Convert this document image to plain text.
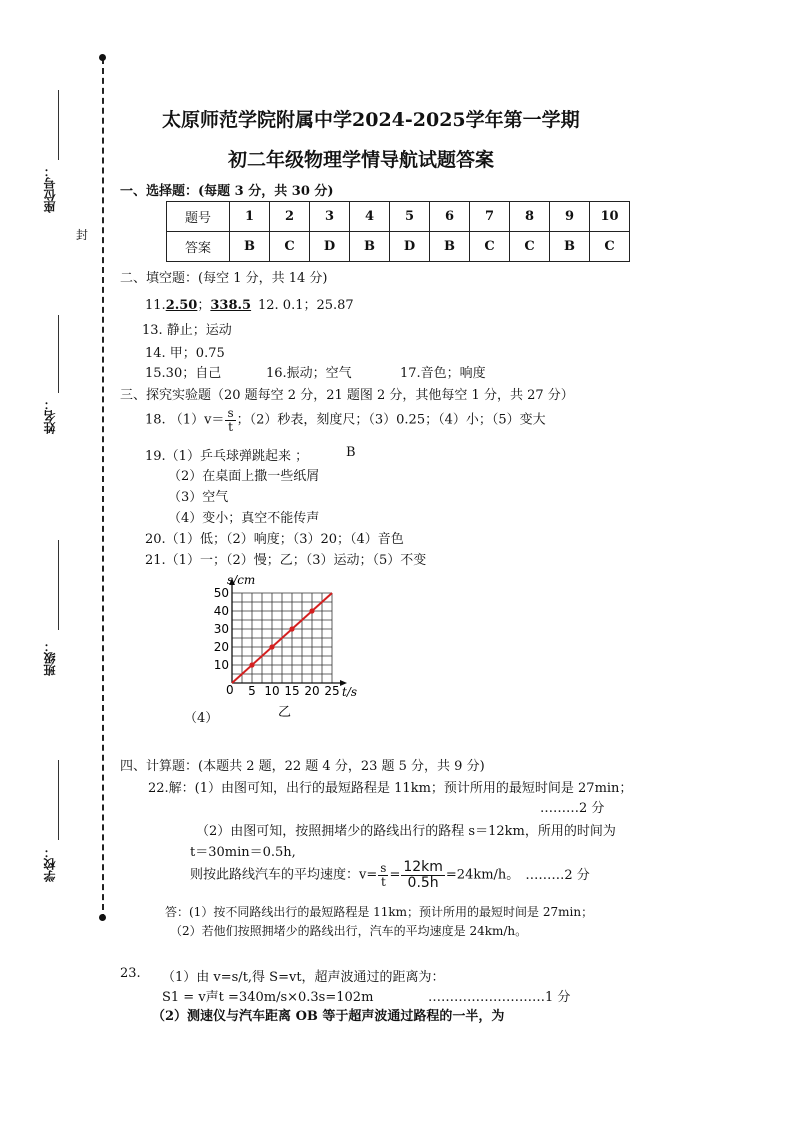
封
座位号：
姓名：
班级：
学校：
太原师范学院附属中学2024-2025学年第一学期
初二年级物理学情导航试题答案
一、选择题：(每题 3 分，共 30 分)
题号	1	2	3	4	5	6	7	8	9	10
答案	B	C	D	B	D	B	C	C	B	C
二、填空题：(每空 1 分，共 14 分)
11.2.50；338.5 12. 0.1；25.87
13. 静止；运动
14. 甲；0.75
15.30；自己	16.振动；空气	17.音色；响度
三、探究实验题（20 题每空 2 分，21 题图 2 分，其他每空 1 分，共 27 分）
18. $(1)v= \frac{s}{t}$ ；（2）秒表，刻度尺；（3）0.25；（4）小；（5）变大
19.（1）乒乓球弹跳起来 ；	B
（2）在桌面上撒一些纸屑
（3）空气
（4）变小；真空不能传声
20.（1）低；（2）响度；（3）20；（4）音色
21.（1）一；（2）慢；乙；（3）运动；（5）不变
5 10 15 20 25
10
20
30
40
50
s/cm
t/s
0
乙
（4）
四、计算题：(本题共 2 题，22 题 4 分，23 题 5 分，共 9 分)
22.解：(1）由图可知，出行的最短路程是 11km；预计所用的最短时间是 27min；
………2 分
（2）由图可知，按照拥堵少的路线出行的路程 s＝12km，所用的时间为
t＝30min＝0.5h,
则按此路线汽车的平均速度：$v= \frac{s}{t} = \frac{12km}{0.5h} =24km/h$。 ………2 分
答：(1）按不同路线出行的最短路程是 11km；预计所用的最短时间是 27min；
（2）若他们按照拥堵少的路线出行，汽车的平均速度是 24km/h。
23. （1）由 v=s/t,得 S=vt，超声波通过的距离为：
S1 = v声t =340m/s×0.3s=102m	………………………1 分
（2）测速仪与汽车距离 OB 等于超声波通过路程的一半，为
